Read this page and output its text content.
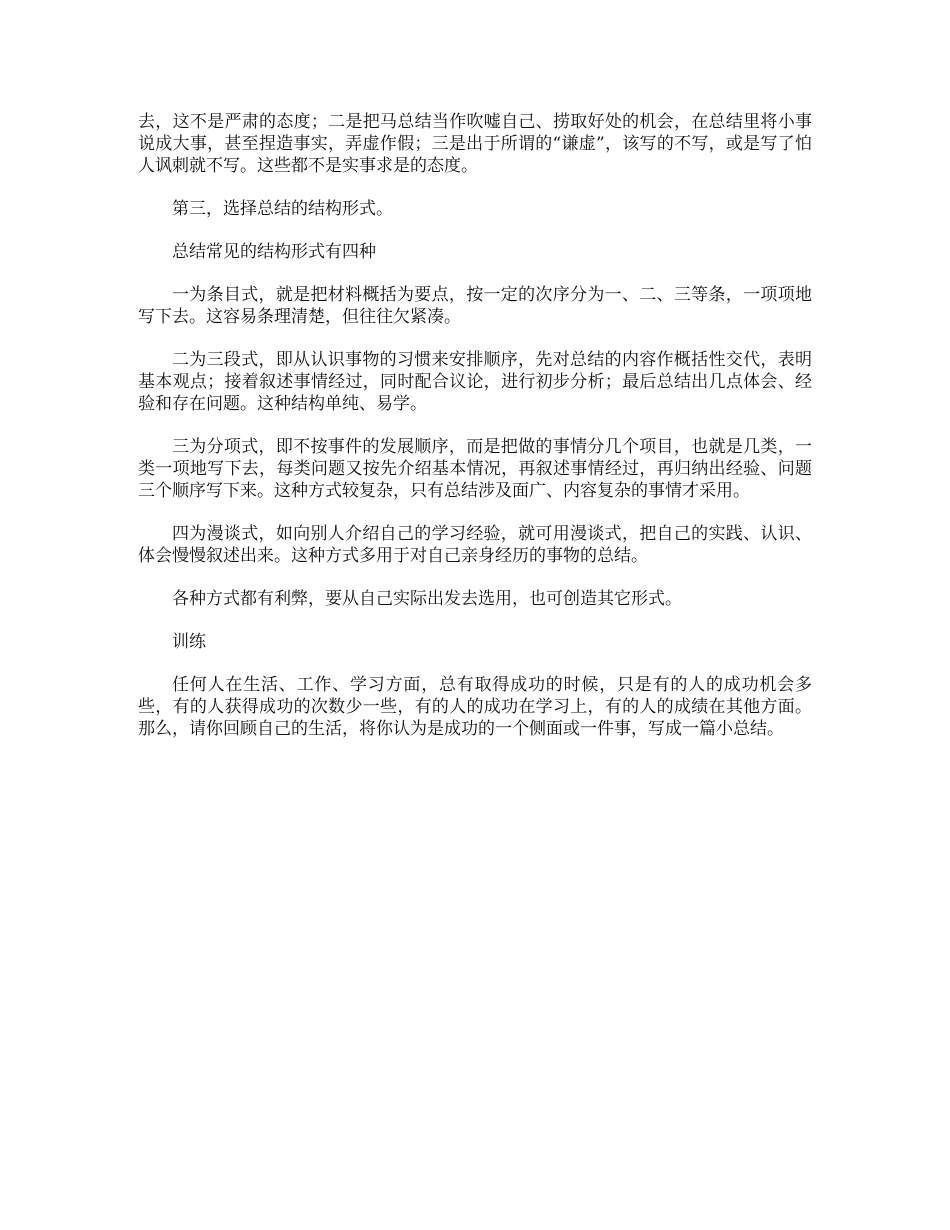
去，这不是严肃的态度；二是把马总结当作吹嘘自己、捞取好处的机会，在总结里将小事说成大事，甚至捏造事实，弄虚作假；三是出于所谓的“谦虚”，该写的不写，或是写了怕人讽刺就不写。这些都不是实事求是的态度。

第三，选择总结的结构形式。

总结常见的结构形式有四种

一为条目式，就是把材料概括为要点，按一定的次序分为一、二、三等条，一项项地写下去。这容易条理清楚，但往往欠紧凑。

二为三段式，即从认识事物的习惯来安排顺序，先对总结的内容作概括性交代，表明基本观点；接着叙述事情经过，同时配合议论，进行初步分析；最后总结出几点体会、经验和存在问题。这种结构单纯、易学。

三为分项式，即不按事件的发展顺序，而是把做的事情分几个项目，也就是几类，一类一项地写下去，每类问题又按先介绍基本情况，再叙述事情经过，再归纳出经验、问题三个顺序写下来。这种方式较复杂，只有总结涉及面广、内容复杂的事情才采用。

四为漫谈式，如向别人介绍自己的学习经验，就可用漫谈式，把自己的实践、认识、体会慢慢叙述出来。这种方式多用于对自己亲身经历的事物的总结。

各种方式都有利弊，要从自己实际出发去选用，也可创造其它形式。

训练

任何人在生活、工作、学习方面，总有取得成功的时候，只是有的人的成功机会多些，有的人获得成功的次数少一些，有的人的成功在学习上，有的人的成绩在其他方面。那么，请你回顾自己的生活，将你认为是成功的一个侧面或一件事，写成一篇小总结。
